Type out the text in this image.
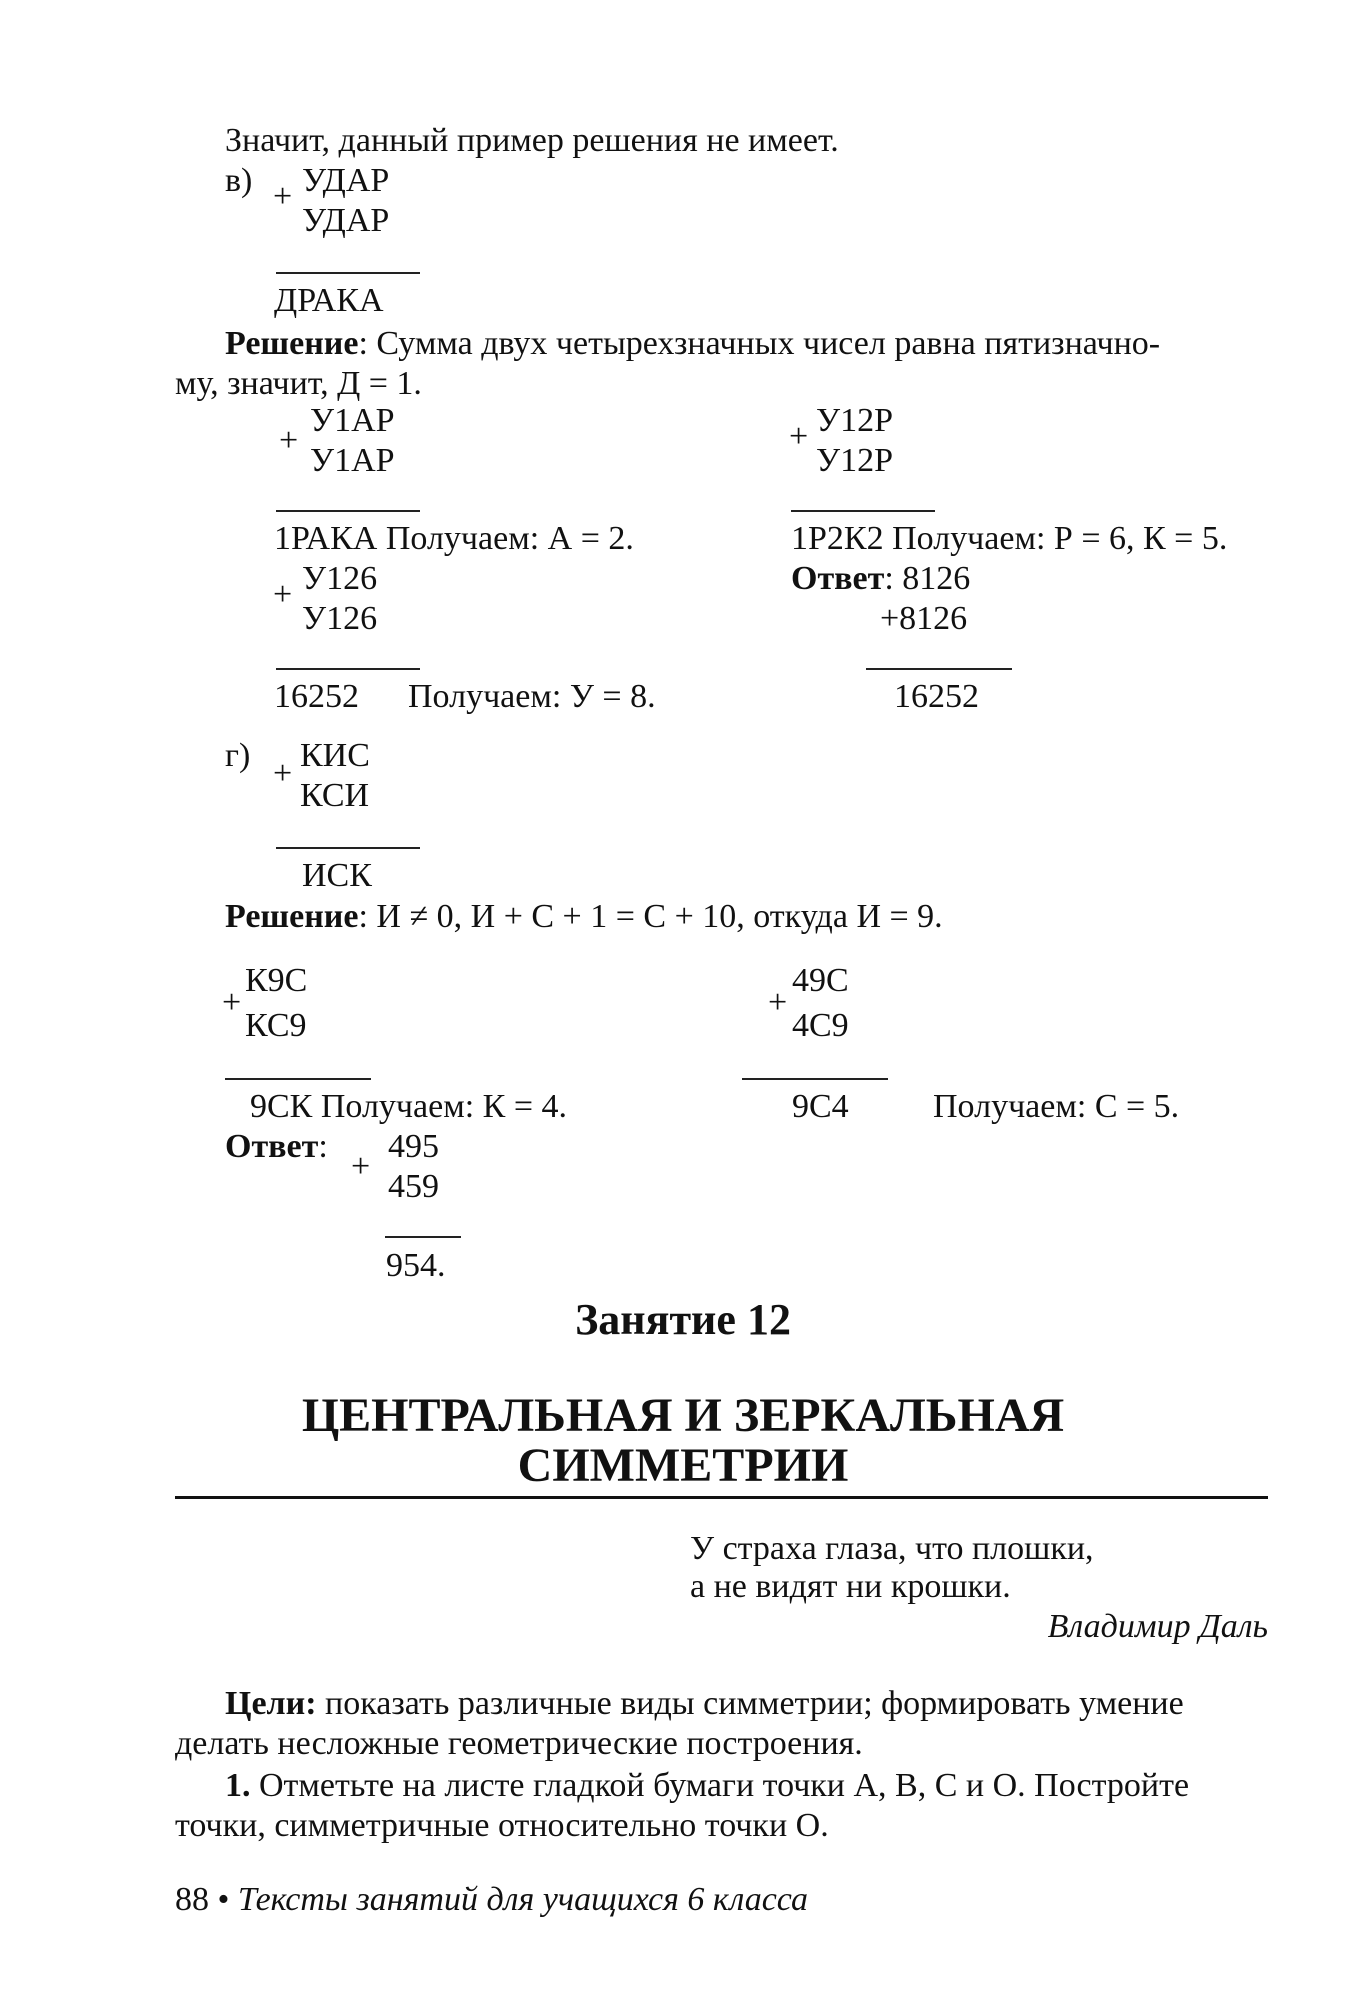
Значит, данный пример решения не имеет.
в) + УДАР
УДАР
ДРАКА
Решение: Сумма двух четырехзначных чисел равна пятизначно-
му, значит, Д = 1.
+
У1АР
У1АР
1РАКА Получаем: А = 2.
+ У12Р
У12Р
1Р2К2 Получаем: Р = 6, К = 5.
+ У126
У126
16252 Получаем: У = 8.
Ответ: 8126
+8126
16252
г) + КИС
КСИ
ИСК
Решение: И ≠ 0, И + С + 1 = С + 10, откуда И = 9.
+
К9С
КС9
9СК Получаем: К = 4.
+
49С
4С9
9С4 Получаем: С = 5.
Ответ:
+
495
459
954.
Занятие 12
ЦЕНТРАЛЬНАЯ И ЗЕРКАЛЬНАЯ
СИММЕТРИИ
У страха глаза, что плошки,
а не видят ни крошки.
Владимир Даль
Цели: показать различные виды симметрии; формировать умение
делать несложные геометрические построения.
1. Отметьте на листе гладкой бумаги точки А, В, С и О. Постройте
точки, симметричные относительно точки О.
88 • Тексты занятий для учащихся 6 класса
